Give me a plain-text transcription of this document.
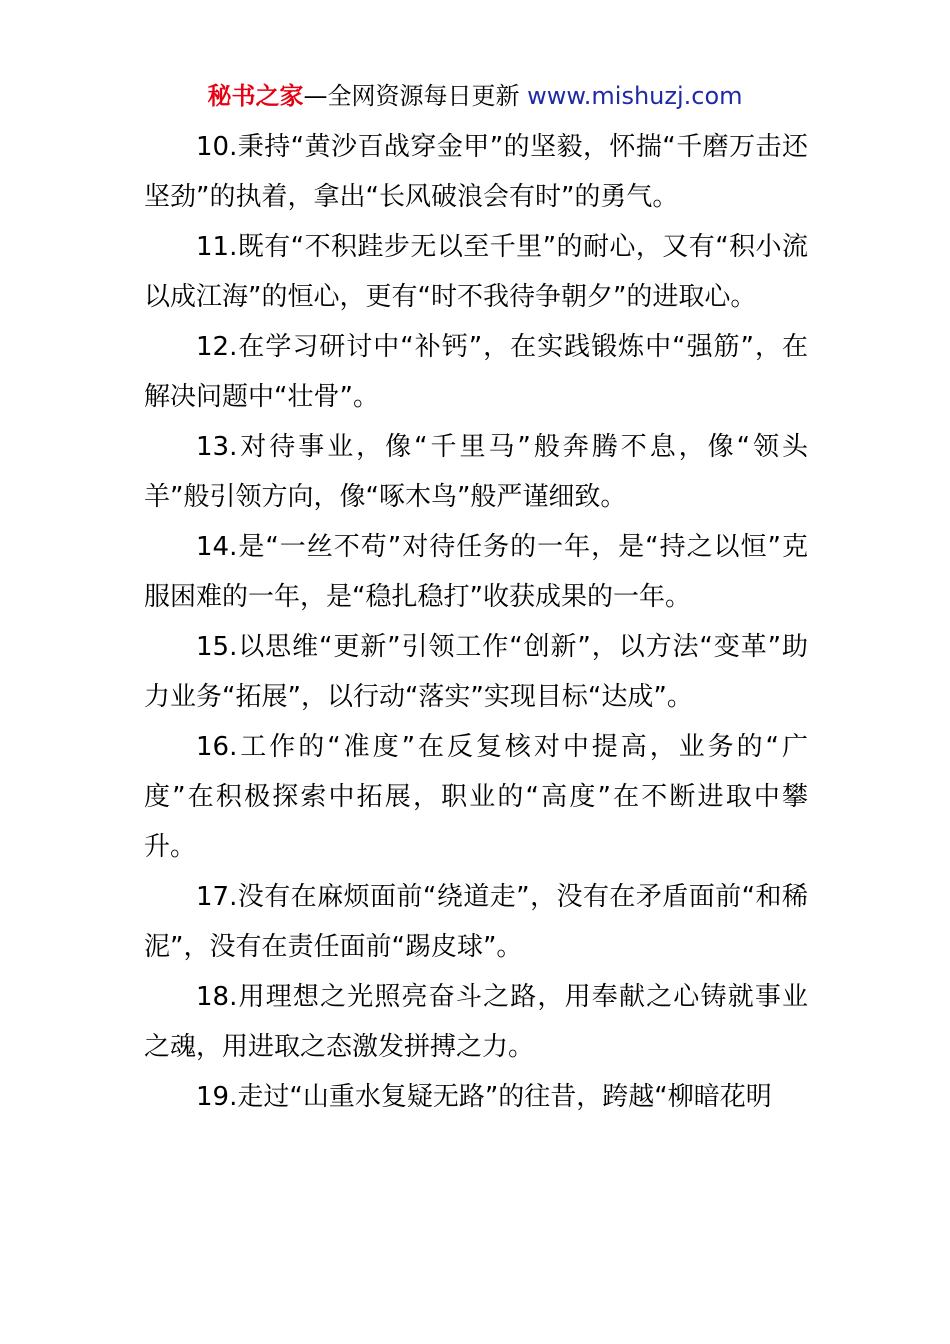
秘书之家—全网资源每日更新 www.mishuzj.com

10.秉持“黄沙百战穿金甲”的坚毅，怀揣“千磨万击还坚劲”的执着，拿出“长风破浪会有时”的勇气。

11.既有“不积跬步无以至千里”的耐心，又有“积小流以成江海”的恒心，更有“时不我待争朝夕”的进取心。

12.在学习研讨中“补钙”，在实践锻炼中“强筋”，在解决问题中“壮骨”。

13.对待事业，像“千里马”般奔腾不息，像“领头羊”般引领方向，像“啄木鸟”般严谨细致。

14.是“一丝不苟”对待任务的一年，是“持之以恒”克服困难的一年，是“稳扎稳打”收获成果的一年。

15.以思维“更新”引领工作“创新”，以方法“变革”助力业务“拓展”，以行动“落实”实现目标“达成”。

16.工作的“准度”在反复核对中提高，业务的“广度”在积极探索中拓展，职业的“高度”在不断进取中攀升。

17.没有在麻烦面前“绕道走”，没有在矛盾面前“和稀泥”，没有在责任面前“踢皮球”。

18.用理想之光照亮奋斗之路，用奉献之心铸就事业之魂，用进取之态激发拼搏之力。

19.走过“山重水复疑无路”的往昔，跨越“柳暗花明
